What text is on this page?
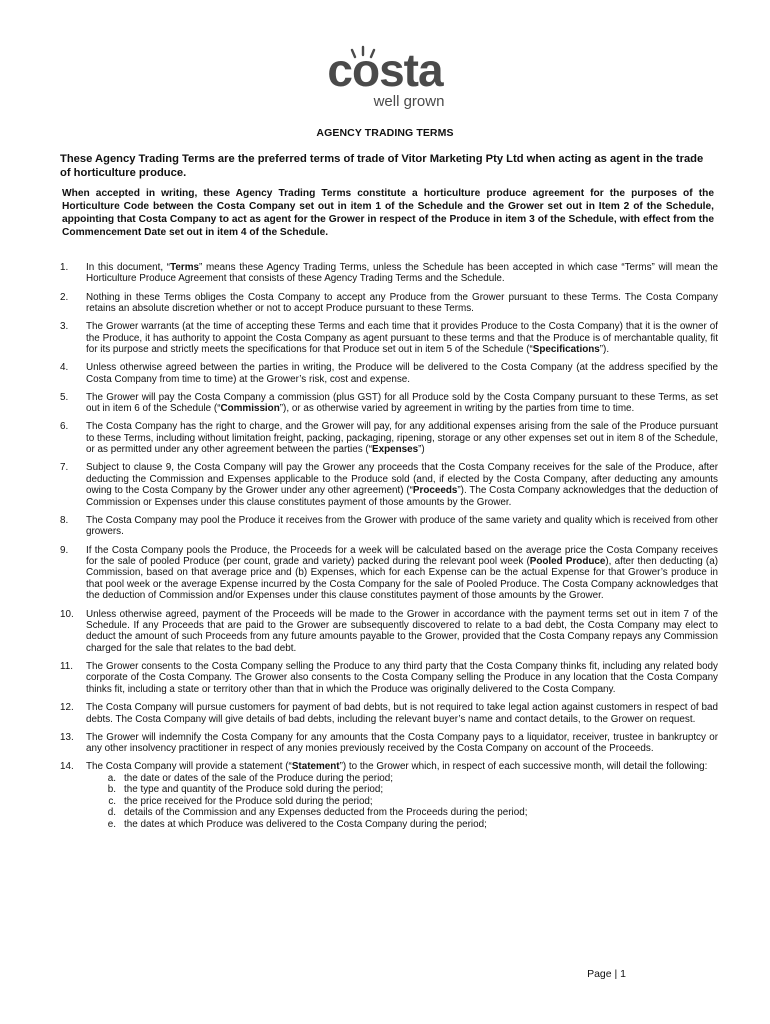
costa
well grown
AGENCY TRADING TERMS
These Agency Trading Terms are the preferred terms of trade of Vitor Marketing Pty Ltd when acting as agent in the trade of horticulture produce.
When accepted in writing, these Agency Trading Terms constitute a horticulture produce agreement for the purposes of the Horticulture Code between the Costa Company set out in item 1 of the Schedule and the Grower set out in Item 2 of the Schedule, appointing that Costa Company to act as agent for the Grower in respect of the Produce in item 3 of the Schedule, with effect from the Commencement Date set out in item 4 of the Schedule.
1.	In this document, “Terms” means these Agency Trading Terms, unless the Schedule has been accepted in which case “Terms” will mean the Horticulture Produce Agreement that consists of these Agency Trading Terms and the Schedule.
2.	Nothing in these Terms obliges the Costa Company to accept any Produce from the Grower pursuant to these Terms. The Costa Company retains an absolute discretion whether or not to accept Produce pursuant to these Terms.
3.	The Grower warrants (at the time of accepting these Terms and each time that it provides Produce to the Costa Company) that it is the owner of the Produce, it has authority to appoint the Costa Company as agent pursuant to these terms and that the Produce is of merchantable quality, fit for its purpose and strictly meets the specifications for that Produce set out in item 5 of the Schedule (“Specifications”).
4.	Unless otherwise agreed between the parties in writing, the Produce will be delivered to the Costa Company (at the address specified by the Costa Company from time to time) at the Grower’s risk, cost and expense.
5.	The Grower will pay the Costa Company a commission (plus GST) for all Produce sold by the Costa Company pursuant to these Terms, as set out in item 6 of the Schedule (“Commission”), or as otherwise varied by agreement in writing by the parties from time to time.
6.	The Costa Company has the right to charge, and the Grower will pay, for any additional expenses arising from the sale of the Produce pursuant to these Terms, including without limitation freight, packing, packaging, ripening, storage or any other expenses set out in item 8 of the Schedule, or as permitted under any other agreement between the parties (“Expenses”)
7.	Subject to clause 9, the Costa Company will pay the Grower any proceeds that the Costa Company receives for the sale of the Produce, after deducting the Commission and Expenses applicable to the Produce sold (and, if elected by the Costa Company, after deducting any amounts owing to the Costa Company by the Grower under any other agreement) (“Proceeds”). The Costa Company acknowledges that the deduction of Commission or Expenses under this clause constitutes payment of those amounts by the Grower.
8.	The Costa Company may pool the Produce it receives from the Grower with produce of the same variety and quality which is received from other growers.
9.	If the Costa Company pools the Produce, the Proceeds for a week will be calculated based on the average price the Costa Company receives for the sale of pooled Produce (per count, grade and variety) packed during the relevant pool week (Pooled Produce), after then deducting (a) Commission, based on that average price and (b) Expenses, which for each Expense can be the actual Expense for that Grower’s produce in that pool week or the average Expense incurred by the Costa Company for the sale of Pooled Produce. The Costa Company acknowledges that the deduction of Commission and/or Expenses under this clause constitutes payment of those amounts by the Grower.
10.	Unless otherwise agreed, payment of the Proceeds will be made to the Grower in accordance with the payment terms set out in item 7 of the Schedule. If any Proceeds that are paid to the Grower are subsequently discovered to relate to a bad debt, the Costa Company may elect to deduct the amount of such Proceeds from any future amounts payable to the Grower, provided that the Costa Company repays any Commission charged for the sale that relates to the bad debt.
11.	The Grower consents to the Costa Company selling the Produce to any third party that the Costa Company thinks fit, including any related body corporate of the Costa Company. The Grower also consents to the Costa Company selling the Produce in any location that the Costa Company thinks fit, including a state or territory other than that in which the Produce was originally delivered to the Costa Company.
12.	The Costa Company will pursue customers for payment of bad debts, but is not required to take legal action against customers in respect of bad debts. The Costa Company will give details of bad debts, including the relevant buyer’s name and contact details, to the Grower on request.
13.	The Grower will indemnify the Costa Company for any amounts that the Costa Company pays to a liquidator, receiver, trustee in bankruptcy or any other insolvency practitioner in respect of any monies previously received by the Costa Company on account of the Proceeds.
14.	The Costa Company will provide a statement (“Statement”) to the Grower which, in respect of each successive month, will detail the following:
a. the date or dates of the sale of the Produce during the period;
b. the type and quantity of the Produce sold during the period;
c. the price received for the Produce sold during the period;
d. details of the Commission and any Expenses deducted from the Proceeds during the period;
e. the dates at which Produce was delivered to the Costa Company during the period;
Page | 1
